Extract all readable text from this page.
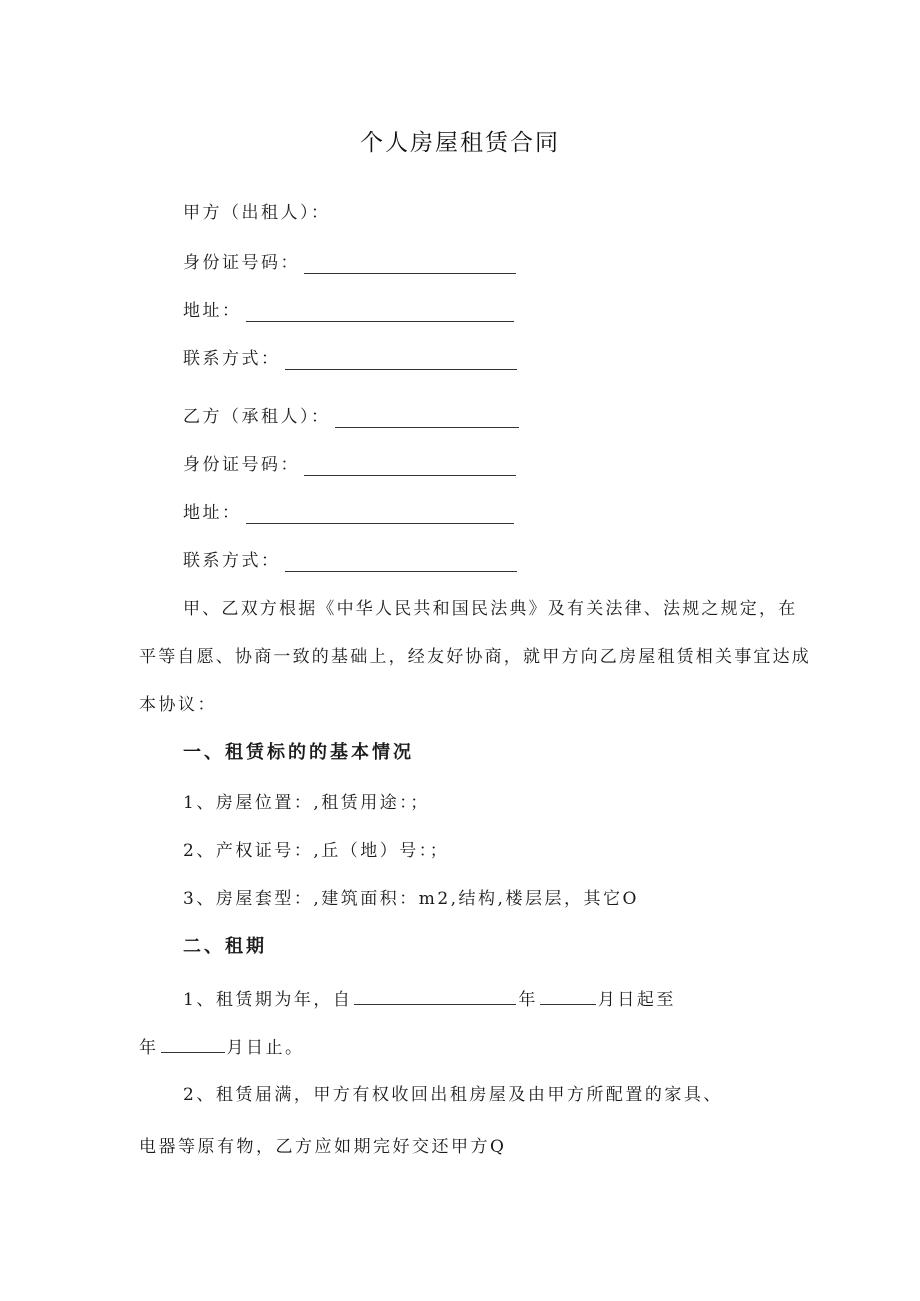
个人房屋租赁合同
甲方（出租人）：
身份证号码：
地址：
联系方式：
乙方（承租人）：
身份证号码：
地址：
联系方式：
甲、乙双方根据《中华人民共和国民法典》及有关法律、法规之规定，在
平等自愿、协商一致的基础上，经友好协商，就甲方向乙房屋租赁相关事宜达成
本协议：
一、租赁标的的基本情况
1、房屋位置：,租赁用途：；
2、产权证号：,丘（地）号：；
3、房屋套型：,建筑面积：m2,结构,楼层层，其它O
二、租期
1、租赁期为年，自	年	月日起至
年	月日止。
2、租赁届满，甲方有权收回出租房屋及由甲方所配置的家具、
电器等原有物，乙方应如期完好交还甲方Q
